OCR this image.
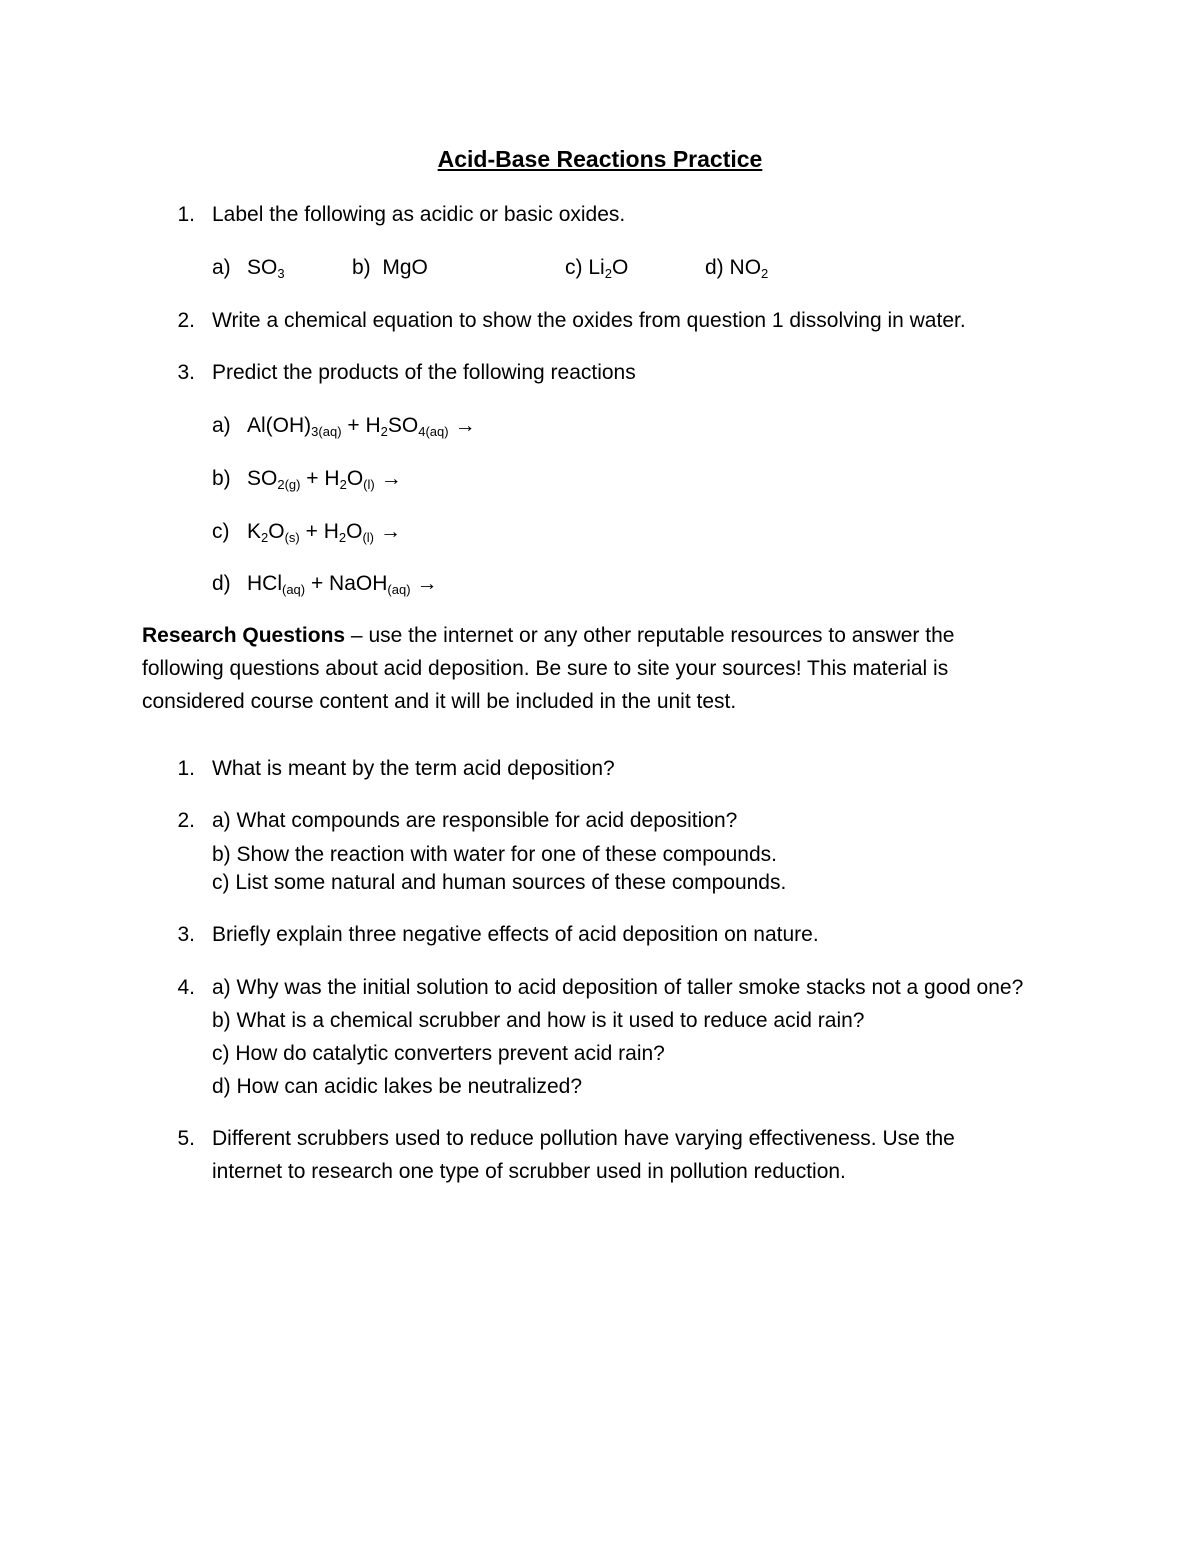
Acid-Base Reactions Practice
1. Label the following as acidic or basic oxides.
a) $SO_3$	b) MgO	c) $Li_2O$	d) $NO_2$
2. Write a chemical equation to show the oxides from question 1 dissolving in water.
3. Predict the products of the following reactions
a) $Al(OH)_{3(aq)} + H_2SO_{4(aq)}$ →
b) $SO_{2(g)} + H_2O_{(l)}$ →
c) $K_2O_{(s)} + H_2O_{(l)}$ →
d) HCl$_{(aq)}$ + NaOH$_{(aq)}$ →
Research Questions – use the internet or any other reputable resources to answer the
following questions about acid deposition. Be sure to site your sources! This material is
considered course content and it will be included in the unit test.
1. What is meant by the term acid deposition?
2. a) What compounds are responsible for acid deposition?
b) Show the reaction with water for one of these compounds.
c) List some natural and human sources of these compounds.
3. Briefly explain three negative effects of acid deposition on nature.
4. a) Why was the initial solution to acid deposition of taller smoke stacks not a good one?
b) What is a chemical scrubber and how is it used to reduce acid rain?
c) How do catalytic converters prevent acid rain?
d) How can acidic lakes be neutralized?
5. Different scrubbers used to reduce pollution have varying effectiveness. Use the
internet to research one type of scrubber used in pollution reduction.
